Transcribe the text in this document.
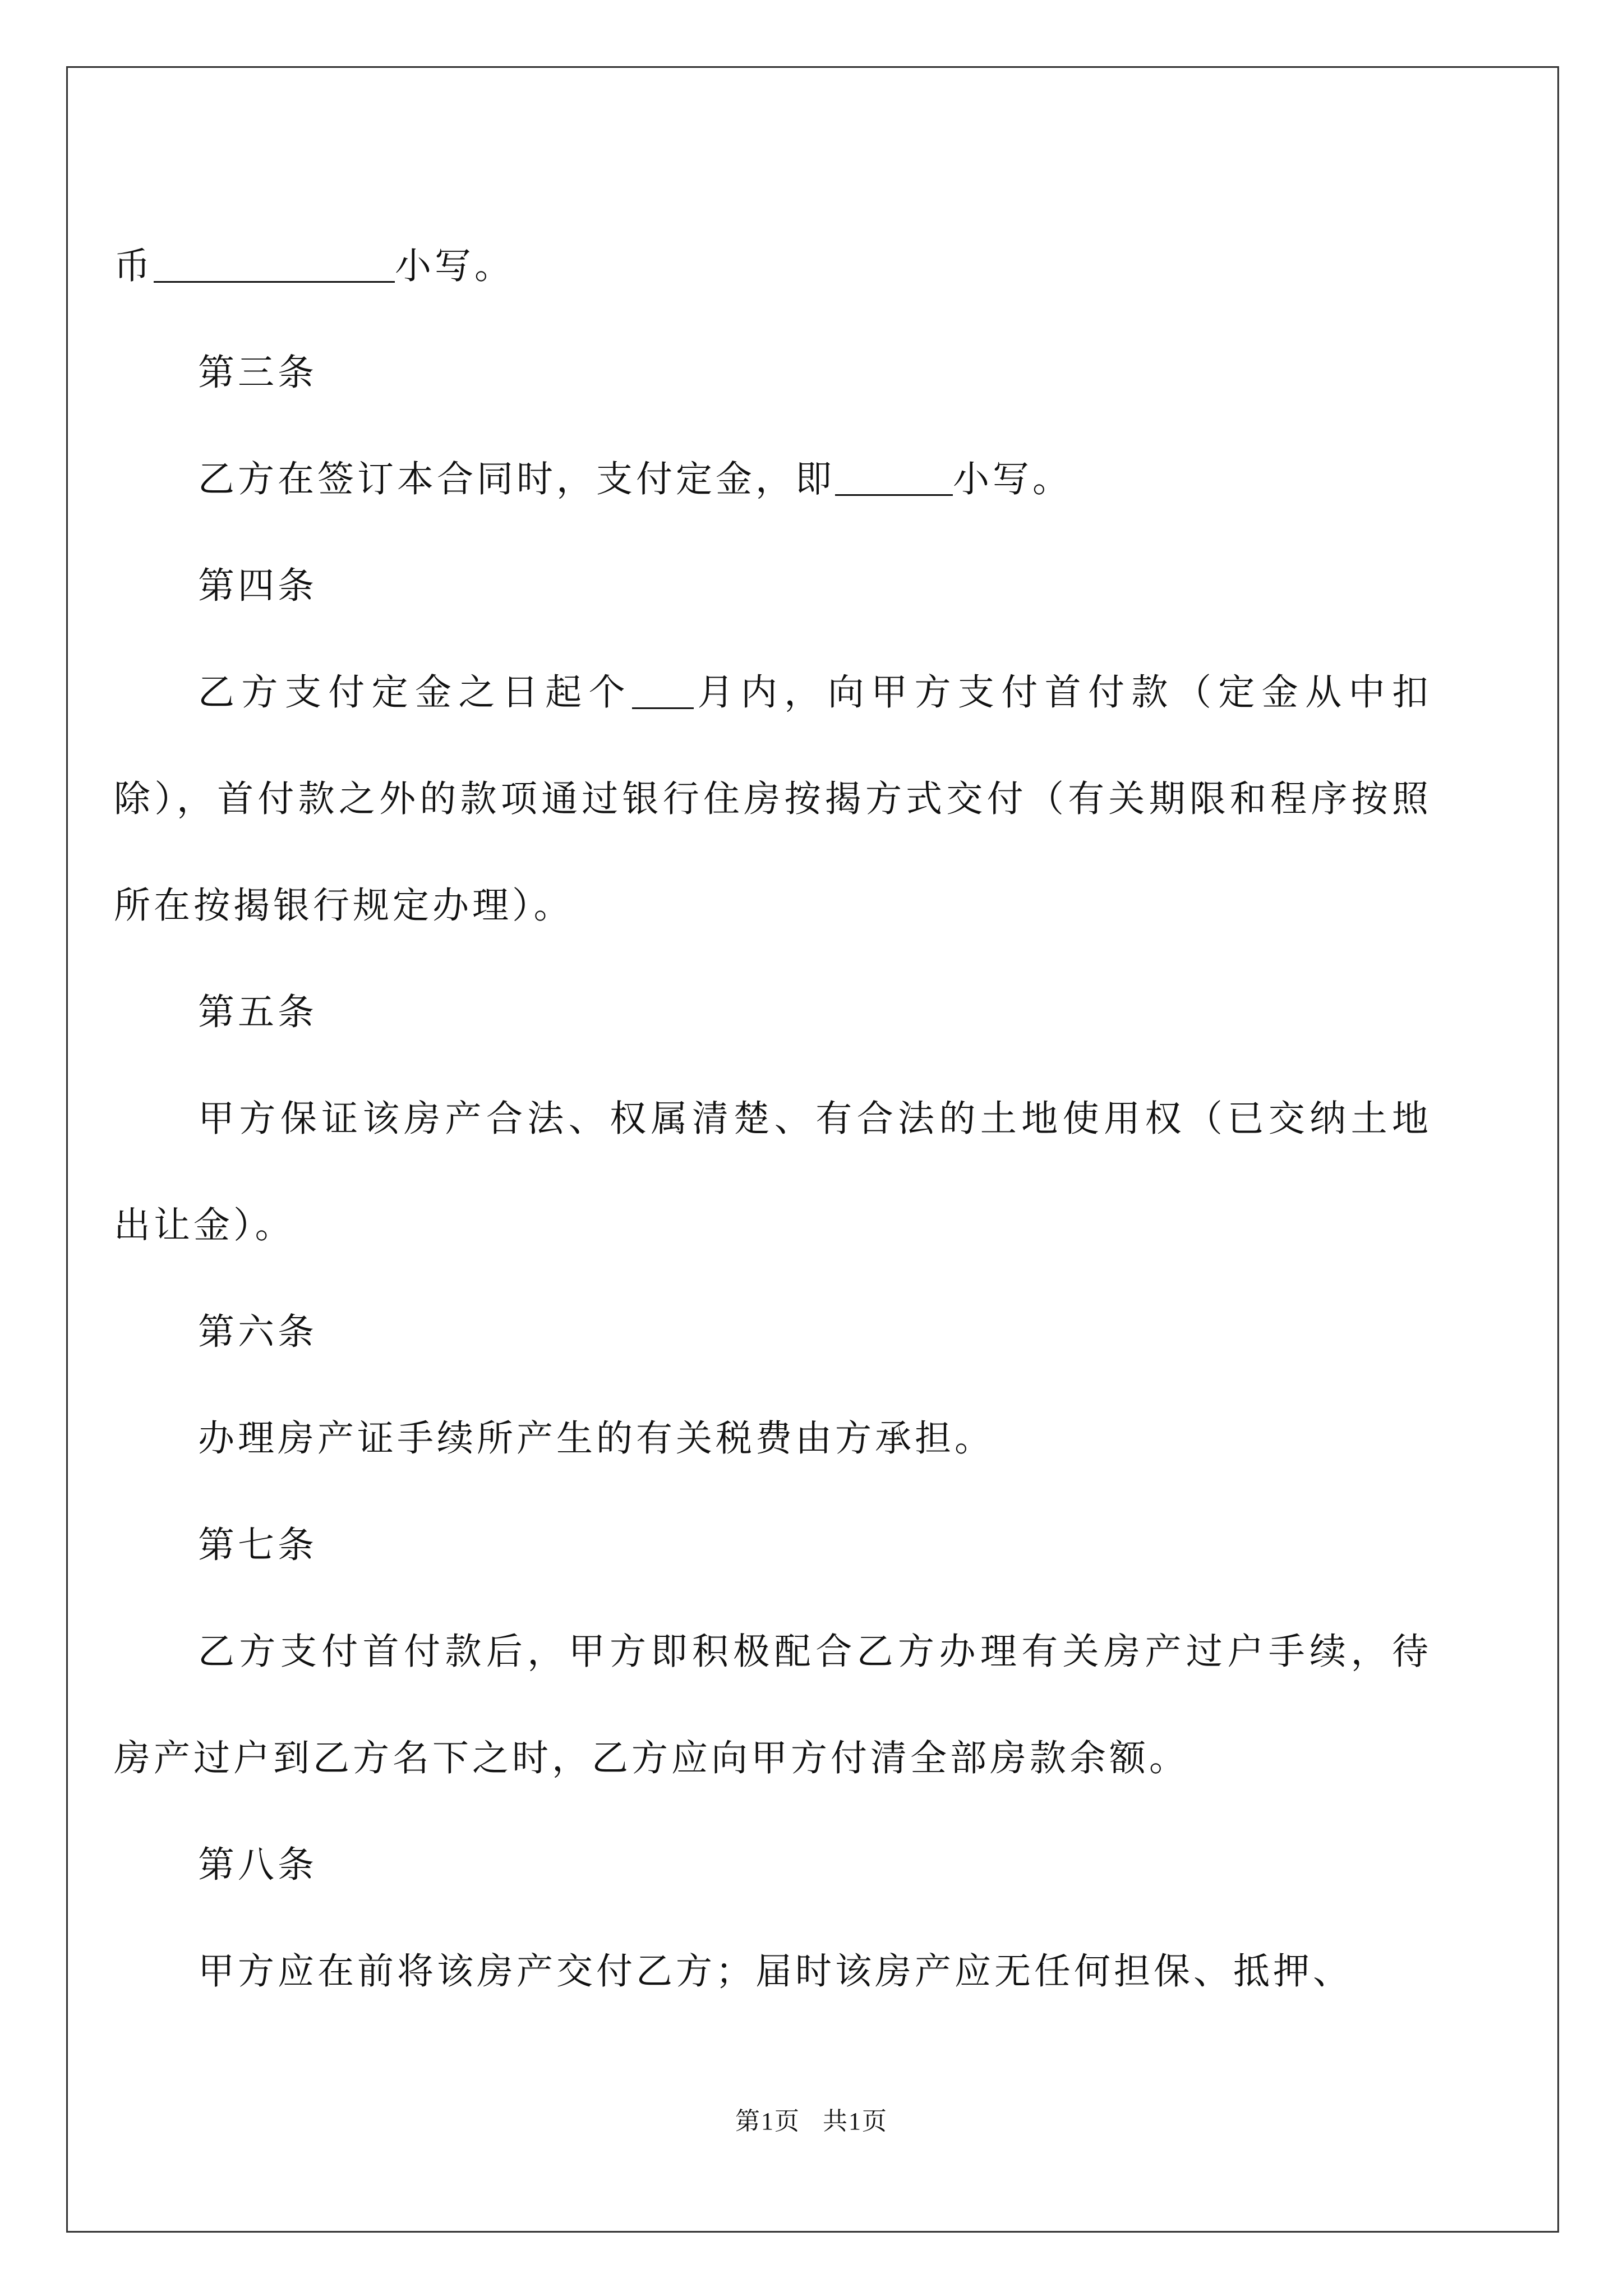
币	小写。

第三条

乙方在签订本合同时，支付定金，即	小写。

第四条

乙方支付定金之日起个 月内，向甲方支付首付款（定金从中扣除），首付款之外的款项通过银行住房按揭方式交付（有关期限和程序按照所在按揭银行规定办理）。

第五条

甲方保证该房产合法、权属清楚、有合法的土地使用权（已交纳土地出让金）。

第六条

办理房产证手续所产生的有关税费由方承担。

第七条

乙方支付首付款后，甲方即积极配合乙方办理有关房产过户手续，待房产过户到乙方名下之时，乙方应向甲方付清全部房款余额。

第八条

甲方应在前将该房产交付乙方；届时该房产应无任何担保、抵押、

第1页 共1页
